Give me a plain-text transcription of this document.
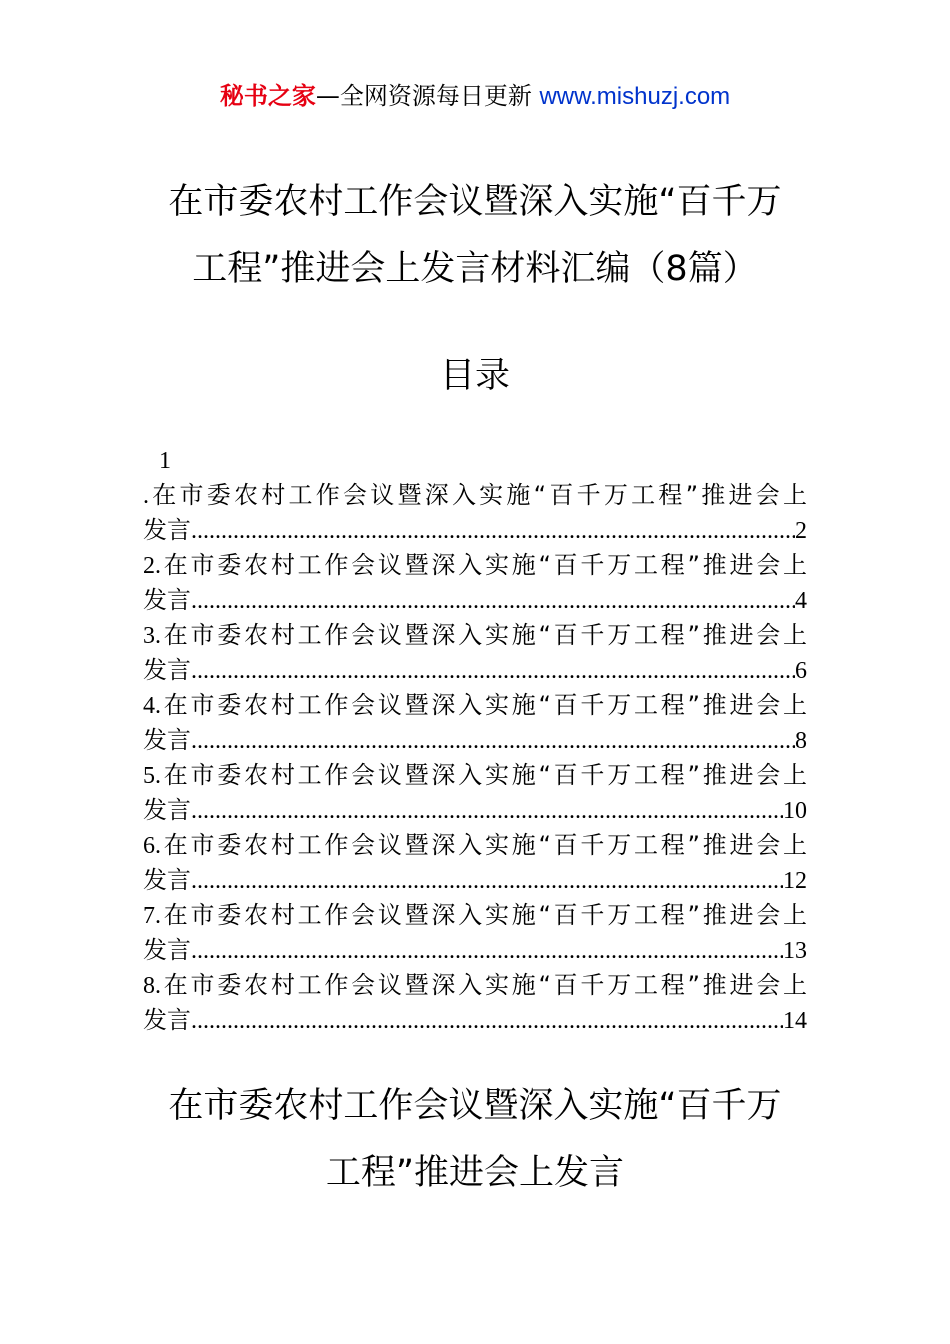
秘书之家—全网资源每日更新 www.mishuzj.com
在市委农村工作会议暨深入实施“百千万
工程”推进会上发言材料汇编（8篇）
目录
1
.在市委农村工作会议暨深入实施“百千万工程”推进会上
发言 .....	2
2.在市委农村工作会议暨深入实施“百千万工程”推进会上
发言 .....	4
3.在市委农村工作会议暨深入实施“百千万工程”推进会上
发言 .....	6
4.在市委农村工作会议暨深入实施“百千万工程”推进会上
发言 .....	8
5.在市委农村工作会议暨深入实施“百千万工程”推进会上
发言 .....	10
6.在市委农村工作会议暨深入实施“百千万工程”推进会上
发言 .....	12
7.在市委农村工作会议暨深入实施“百千万工程”推进会上
发言 .....	13
8.在市委农村工作会议暨深入实施“百千万工程”推进会上
发言 .....	14
在市委农村工作会议暨深入实施“百千万
工程”推进会上发言
